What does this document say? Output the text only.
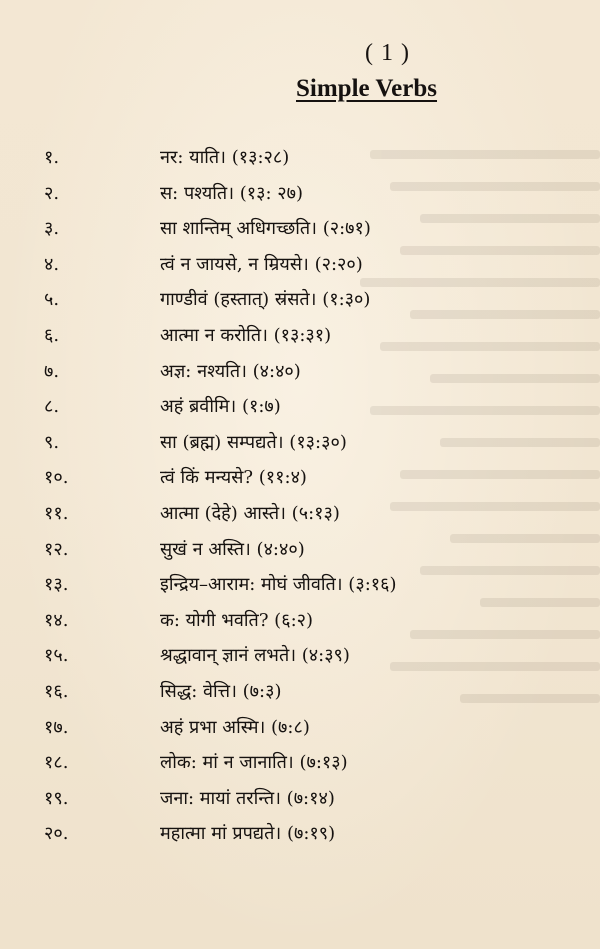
( 1 )
Simple Verbs
१.	नर: याति। (१३:२८)
२.	स: पश्यति। (१३: २७)
३.	सा शान्तिम् अधिगच्छति। (२:७१)
४.	त्वं न जायसे, न म्रियसे। (२:२०)
५.	गाण्डीवं (हस्तात्) स्रंसते। (१:३०)
६.	आत्मा न करोति। (१३:३१)
७.	अज्ञ: नश्यति। (४:४०)
८.	अहं ब्रवीमि। (१:७)
९.	सा (ब्रह्म) सम्पद्यते। (१३:३०)
१०.	त्वं किं मन्यसे? (११:४)
११.	आत्मा (देहे) आस्ते। (५:१३)
१२.	सुखं न अस्ति। (४:४०)
१३.	इन्द्रिय–आराम: मोघं जीवति। (३:१६)
१४.	क: योगी भवति? (६:२)
१५.	श्रद्धावान् ज्ञानं लभते। (४:३९)
१६.	सिद्ध: वेत्ति। (७:३)
१७.	अहं प्रभा अस्मि। (७:८)
१८.	लोक: मां न जानाति। (७:१३)
१९.	जना: मायां तरन्ति। (७:१४)
२०.	महात्मा मां प्रपद्यते। (७:१९)
